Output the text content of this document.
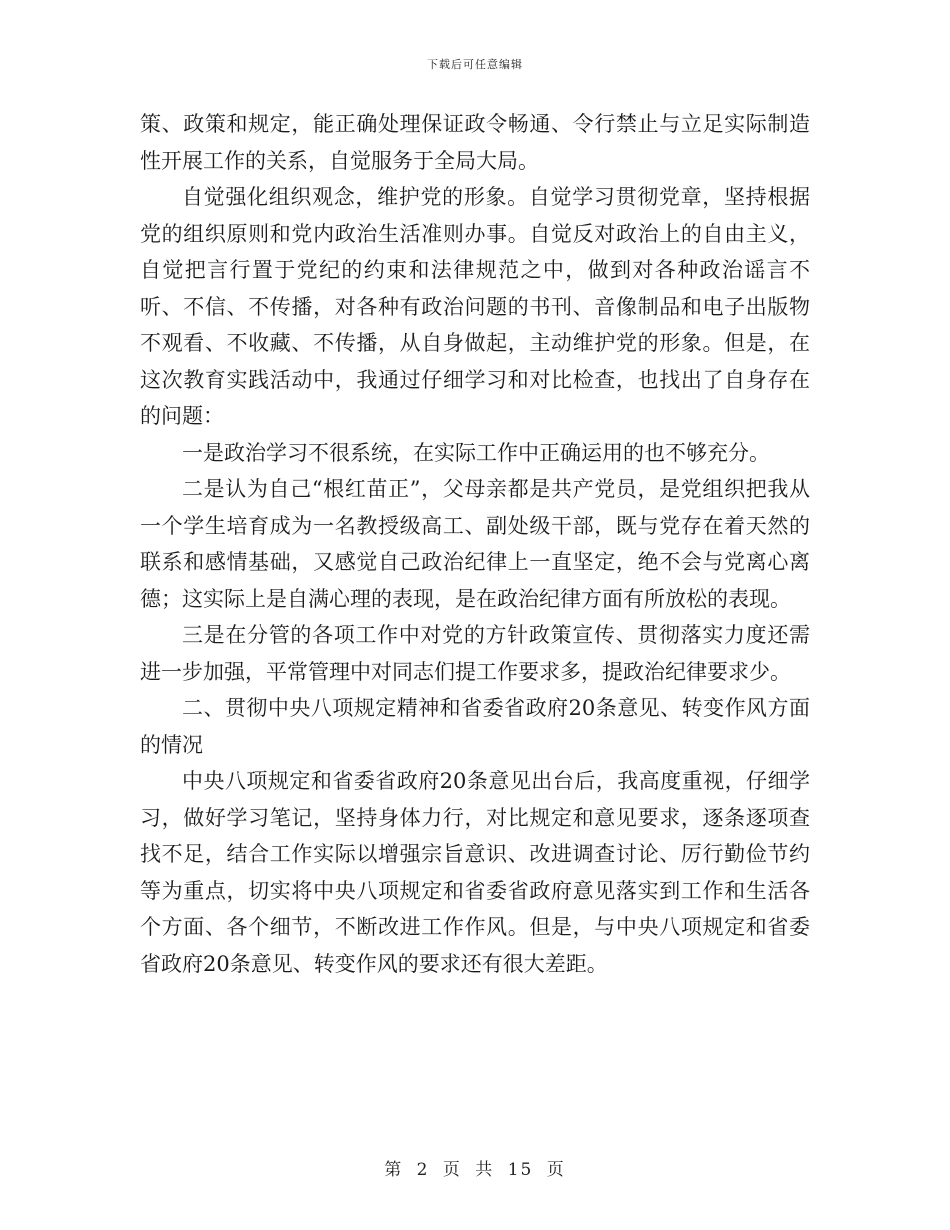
下载后可任意编辑

策、政策和规定，能正确处理保证政令畅通、令行禁止与立足实际制造性开展工作的关系，自觉服务于全局大局。

自觉强化组织观念，维护党的形象。自觉学习贯彻党章，坚持根据党的组织原则和党内政治生活准则办事。自觉反对政治上的自由主义，自觉把言行置于党纪的约束和法律规范之中，做到对各种政治谣言不听、不信、不传播，对各种有政治问题的书刊、音像制品和电子出版物不观看、不收藏、不传播，从自身做起，主动维护党的形象。但是，在这次教育实践活动中，我通过仔细学习和对比检查，也找出了自身存在的问题：

一是政治学习不很系统，在实际工作中正确运用的也不够充分。

二是认为自己“根红苗正”，父母亲都是共产党员，是党组织把我从一个学生培育成为一名教授级高工、副处级干部，既与党存在着天然的联系和感情基础，又感觉自己政治纪律上一直坚定，绝不会与党离心离德；这实际上是自满心理的表现，是在政治纪律方面有所放松的表现。

三是在分管的各项工作中对党的方针政策宣传、贯彻落实力度还需进一步加强，平常管理中对同志们提工作要求多，提政治纪律要求少。

二、贯彻中央八项规定精神和省委省政府20条意见、转变作风方面的情况

中央八项规定和省委省政府20条意见出台后，我高度重视，仔细学习，做好学习笔记，坚持身体力行，对比规定和意见要求，逐条逐项查找不足，结合工作实际以增强宗旨意识、改进调查讨论、厉行勤俭节约等为重点，切实将中央八项规定和省委省政府意见落实到工作和生活各个方面、各个细节，不断改进工作作风。但是，与中央八项规定和省委省政府20条意见、转变作风的要求还有很大差距。

第 2 页 共 15 页
